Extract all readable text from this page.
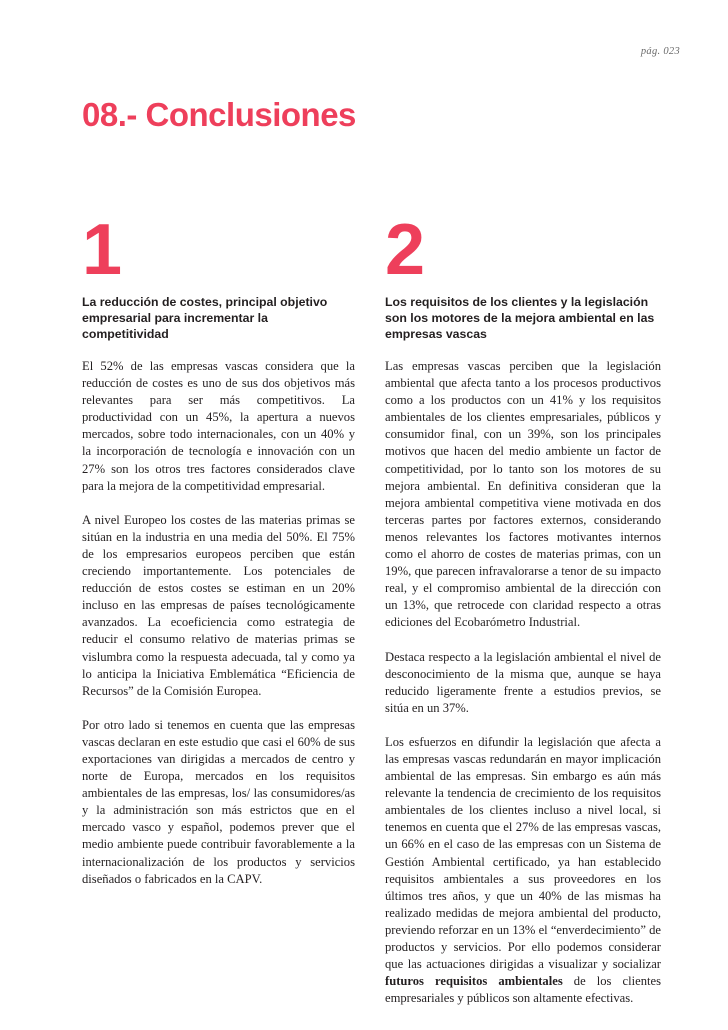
pág. 023
08.- Conclusiones
1
La reducción de costes, principal objetivo empresarial para incrementar la competitividad

El 52% de las empresas vascas considera que la reducción de costes es uno de sus dos objetivos más relevantes para ser más competitivos. La productividad con un 45%, la apertura a nuevos mercados, sobre todo internacionales, con un 40% y la incorporación de tecnología e innovación con un 27% son los otros tres factores considerados clave para la mejora de la competitividad empresarial.

A nivel Europeo los costes de las materias primas se sitúan en la industria en una media del 50%. El 75% de los empresarios europeos perciben que están creciendo importantemente. Los potenciales de reducción de estos costes se estiman en un 20% incluso en las empresas de países tecnológicamente avanzados. La ecoeficiencia como estrategia de reducir el consumo relativo de materias primas se vislumbra como la respuesta adecuada, tal y como ya lo anticipa la Iniciativa Emblemática “Eficiencia de Recursos” de la Comisión Europea.

Por otro lado si tenemos en cuenta que las empresas vascas declaran en este estudio que casi el 60% de sus exportaciones van dirigidas a mercados de centro y norte de Europa, mercados en los requisitos ambientales de las empresas, los/ las consumidores/as y la administración son más estrictos que en el mercado vasco y español, podemos prever que el medio ambiente puede contribuir favorablemente a la internacionalización de los productos y servicios diseñados o fabricados en la CAPV.

2
Los requisitos de los clientes y la legislación son los motores de la mejora ambiental en las empresas vascas

Las empresas vascas perciben que la legislación ambiental que afecta tanto a los procesos productivos como a los productos con un 41% y los requisitos ambientales de los clientes empresariales, públicos y consumidor final, con un 39%, son los principales motivos que hacen del medio ambiente un factor de competitividad, por lo tanto son los motores de su mejora ambiental. En definitiva consideran que la mejora ambiental competitiva viene motivada en dos terceras partes por factores externos, considerando menos relevantes los factores motivantes internos como el ahorro de costes de materias primas, con un 19%, que parecen infravalorarse a tenor de su impacto real, y el compromiso ambiental de la dirección con un 13%, que retrocede con claridad respecto a otras ediciones del Ecobarómetro Industrial.

Destaca respecto a la legislación ambiental el nivel de desconocimiento de la misma que, aunque se haya reducido ligeramente frente a estudios previos, se sitúa en un 37%.

Los esfuerzos en difundir la legislación que afecta a las empresas vascas redundarán en mayor implicación ambiental de las empresas. Sin embargo es aún más relevante la tendencia de crecimiento de los requisitos ambientales de los clientes incluso a nivel local, si tenemos en cuenta que el 27% de las empresas vascas, un 66% en el caso de las empresas con un Sistema de Gestión Ambiental certificado, ya han establecido requisitos ambientales a sus proveedores en los últimos tres años, y que un 40% de las mismas ha realizado medidas de mejora ambiental del producto, previendo reforzar en un 13% el “enverdecimiento” de productos y servicios. Por ello podemos considerar que las actuaciones dirigidas a visualizar y socializar futuros requisitos ambientales de los clientes empresariales y públicos son altamente efectivas.
